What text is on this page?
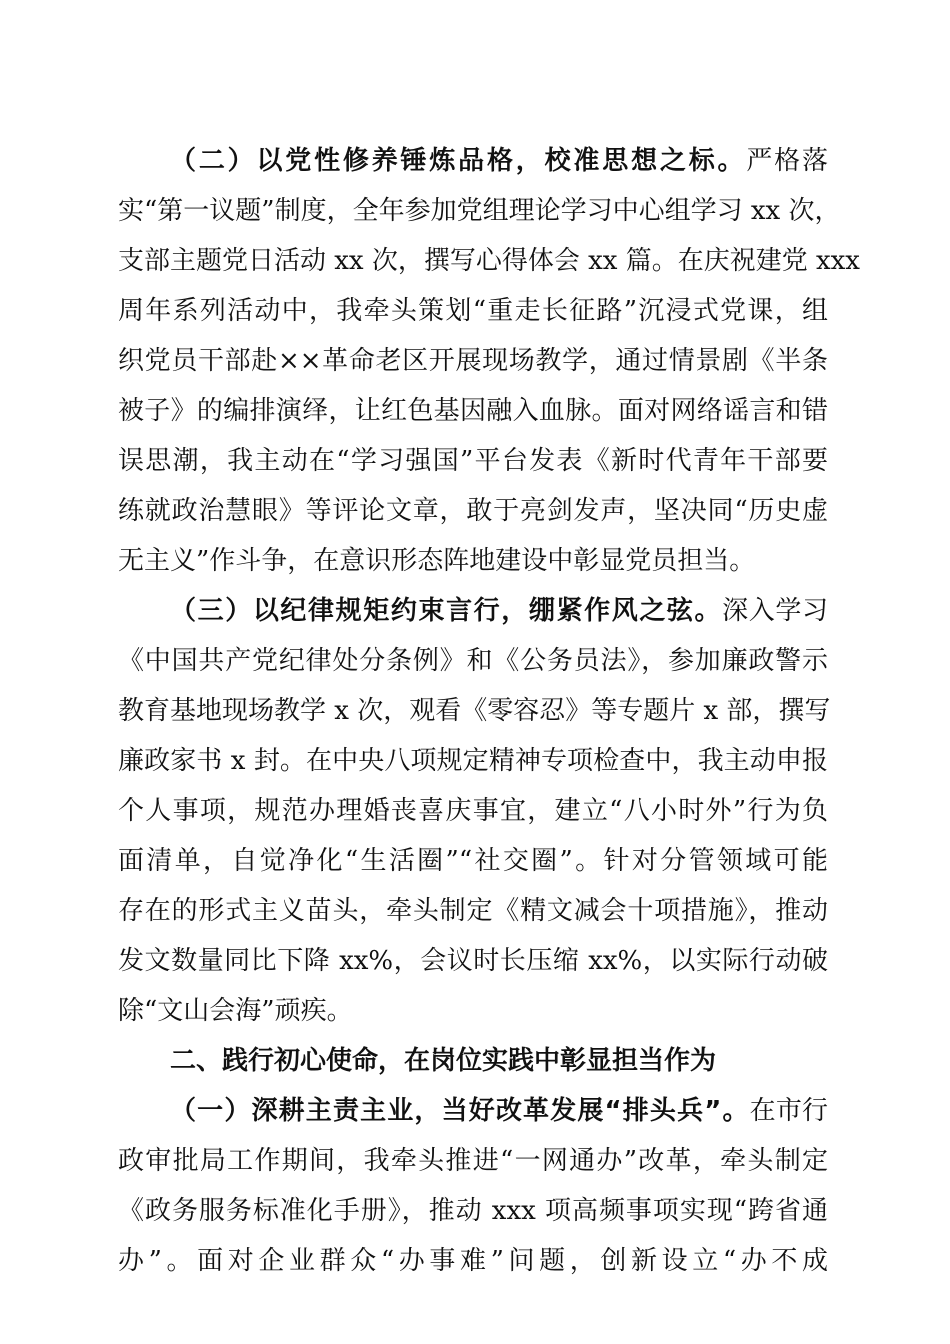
（二）以党性修养锤炼品格，校准思想之标。严格落
实“第一议题”制度，全年参加党组理论学习中心组学习 xx 次，
支部主题党日活动 xx 次，撰写心得体会 xx 篇。在庆祝建党 xxx
周年系列活动中，我牵头策划“重走长征路”沉浸式党课，组
织党员干部赴××革命老区开展现场教学，通过情景剧《半条
被子》的编排演绎，让红色基因融入血脉。面对网络谣言和错
误思潮，我主动在“学习强国”平台发表《新时代青年干部要
练就政治慧眼》等评论文章，敢于亮剑发声，坚决同“历史虚
无主义”作斗争，在意识形态阵地建设中彰显党员担当。
（三）以纪律规矩约束言行，绷紧作风之弦。深入学习
《中国共产党纪律处分条例》和《公务员法》，参加廉政警示
教育基地现场教学 x 次，观看《零容忍》等专题片 x 部，撰写
廉政家书 x 封。在中央八项规定精神专项检查中，我主动申报
个人事项，规范办理婚丧喜庆事宜，建立“八小时外”行为负
面清单，自觉净化“生活圈”“社交圈”。针对分管领域可能
存在的形式主义苗头，牵头制定《精文减会十项措施》，推动
发文数量同比下降 xx%，会议时长压缩 xx%，以实际行动破
除“文山会海”顽疾。
二、践行初心使命，在岗位实践中彰显担当作为
（一）深耕主责主业，当好改革发展“排头兵”。在市行
政审批局工作期间，我牵头推进“一网通办”改革，牵头制定
《政务服务标准化手册》，推动 xxx 项高频事项实现“跨省通
办”。面对企业群众“办事难”问题，创新设立“办不成
